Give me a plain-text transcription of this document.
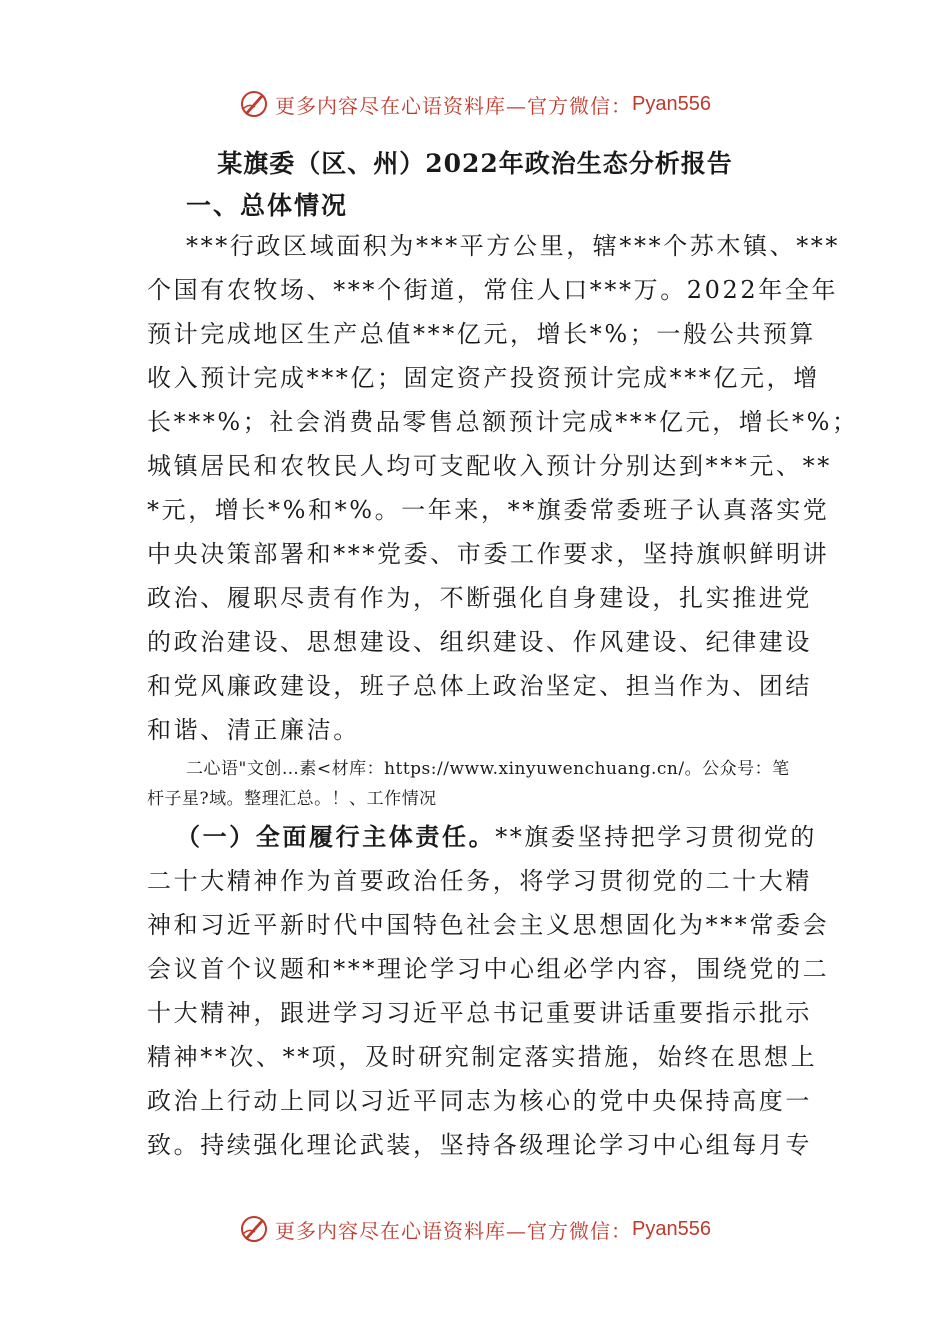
更多内容尽在心语资料库—官方微信： Pyan556
某旗委（区、州）2022年政治生态分析报告
一、总体情况
***行政区域面积为***平方公里，辖***个苏木镇、***
个国有农牧场、***个街道，常住人口***万。2022年全年
预计完成地区生产总值***亿元，增长*%；一般公共预算
收入预计完成***亿；固定资产投资预计完成***亿元，增
长***%；社会消费品零售总额预计完成***亿元，增长*%；
城镇居民和农牧民人均可支配收入预计分别达到***元、**
*元，增长*%和*%。一年来，**旗委常委班子认真落实党
中央决策部署和***党委、市委工作要求，坚持旗帜鲜明讲
政治、履职尽责有作为，不断强化自身建设，扎实推进党
的政治建设、思想建设、组织建设、作风建设、纪律建设
和党风廉政建设，班子总体上政治坚定、担当作为、团结
和谐、清正廉洁。
二心语"文创…素<材库：https://www.xinyuwenchuang.cn/。公众号：笔
杆子星?域。整理汇总。！、工作情况
（一）全面履行主体责任。**旗委坚持把学习贯彻党的
二十大精神作为首要政治任务，将学习贯彻党的二十大精
神和习近平新时代中国特色社会主义思想固化为***常委会
会议首个议题和***理论学习中心组必学内容，围绕党的二
十大精神，跟进学习习近平总书记重要讲话重要指示批示
精神**次、**项，及时研究制定落实措施，始终在思想上
政治上行动上同以习近平同志为核心的党中央保持高度一
致。持续强化理论武装，坚持各级理论学习中心组每月专
更多内容尽在心语资料库—官方微信： Pyan556
